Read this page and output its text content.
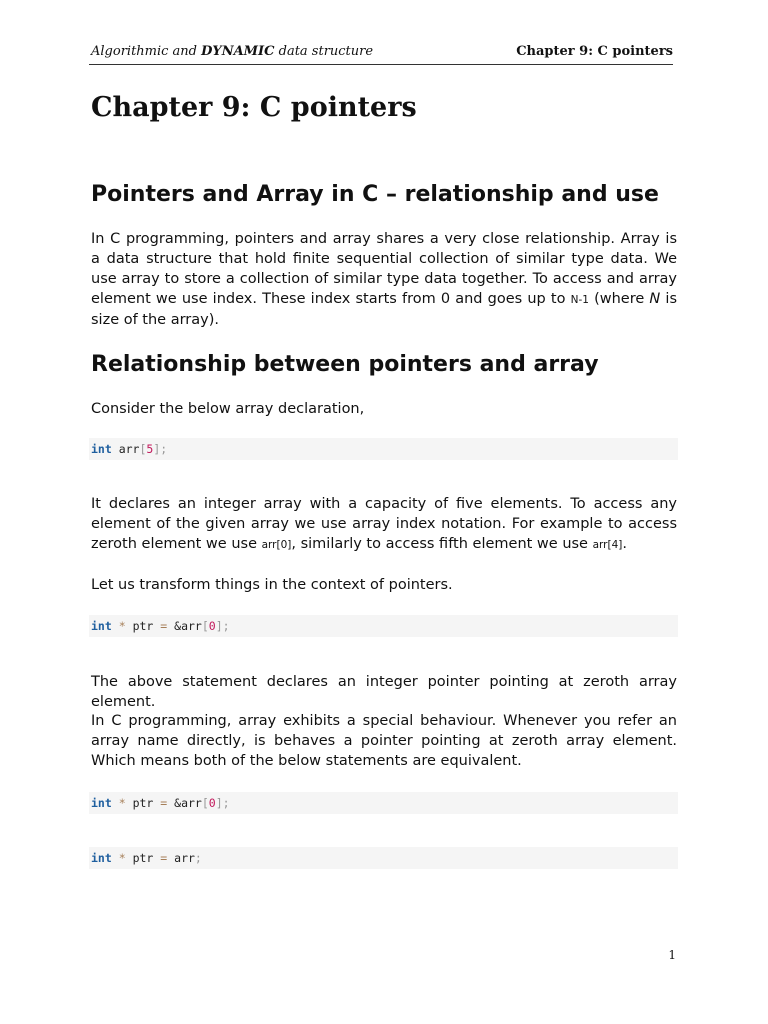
Algorithmic and DYNAMIC data structure	Chapter 9: C pointers
Chapter 9: C pointers
Pointers and Array in C – relationship and use

In C programming, pointers and array shares a very close relationship. Array is a data structure that hold finite sequential collection of similar type data. We use array to store a collection of similar type data together. To access and array element we use index. These index starts from 0 and goes up to N-1 (where N is size of the array).

Relationship between pointers and array

Consider the below array declaration,

int arr[5];

It declares an integer array with a capacity of five elements. To access any element of the given array we use array index notation. For example to access zeroth element we use arr[0], similarly to access fifth element we use arr[4].

Let us transform things in the context of pointers.

int * ptr = &arr[0];

The above statement declares an integer pointer pointing at zeroth array element.

In C programming, array exhibits a special behaviour. Whenever you refer an array name directly, is behaves a pointer pointing at zeroth array element. Which means both of the below statements are equivalent.

int * ptr = &arr[0];
int * ptr = arr;
1
